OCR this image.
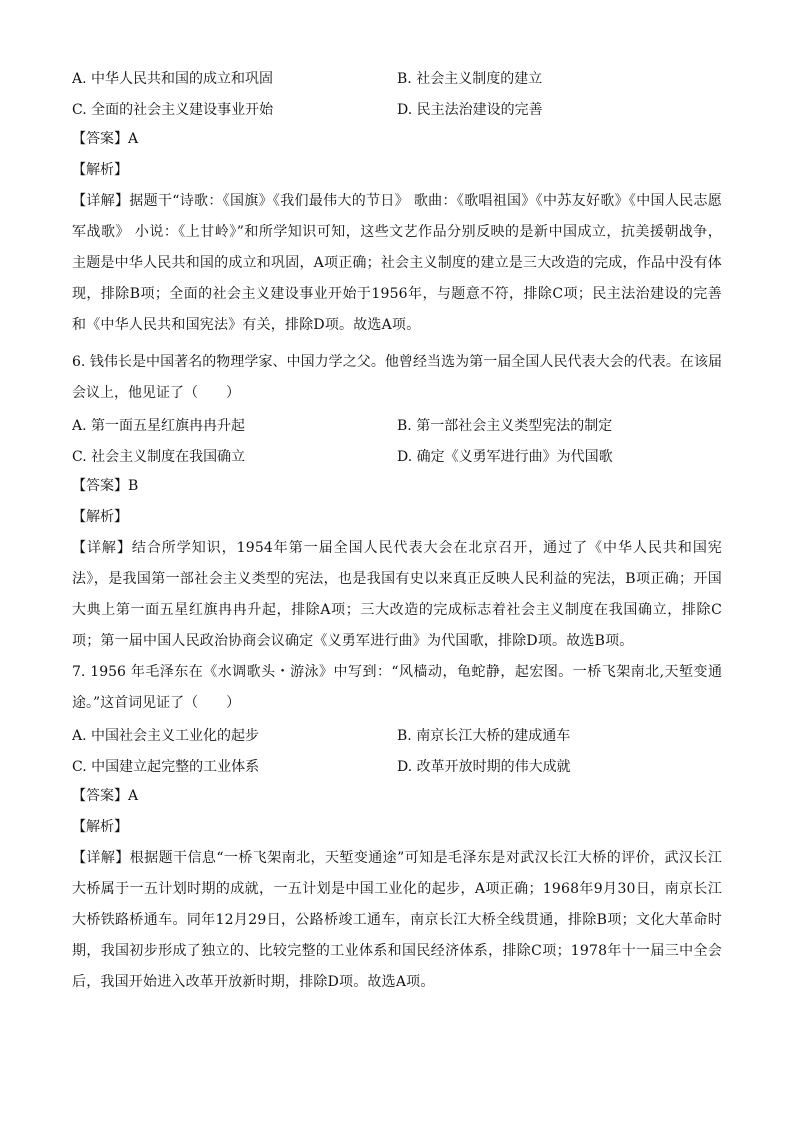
A. 中华人民共和国的成立和巩固	B. 社会主义制度的建立
C. 全面的社会主义建设事业开始	D. 民主法治建设的完善
【答案】A
【解析】
【详解】据题干“诗歌：《国旗》《我们最伟大的节日》 歌曲：《歌唱祖国》《中苏友好歌》《中国人民志愿军战歌》 小说：《上甘岭》”和所学知识可知，这些文艺作品分别反映的是新中国成立，抗美援朝战争，主题是中华人民共和国的成立和巩固，A项正确；社会主义制度的建立是三大改造的完成，作品中没有体现，排除B项；全面的社会主义建设事业开始于1956年，与题意不符，排除C项；民主法治建设的完善和《中华人民共和国宪法》有关，排除D项。故选A项。
6. 钱伟长是中国著名的物理学家、中国力学之父。他曾经当选为第一届全国人民代表大会的代表。在该届会议上，他见证了（　　）
A. 第一面五星红旗冉冉升起	B. 第一部社会主义类型宪法的制定
C. 社会主义制度在我国确立	D. 确定《义勇军进行曲》为代国歌
【答案】B
【解析】
【详解】结合所学知识，1954年第一届全国人民代表大会在北京召开，通过了《中华人民共和国宪法》，是我国第一部社会主义类型的宪法，也是我国有史以来真正反映人民利益的宪法，B项正确；开国大典上第一面五星红旗冉冉升起，排除A项；三大改造的完成标志着社会主义制度在我国确立，排除C项；第一届中国人民政治协商会议确定《义勇军进行曲》为代国歌，排除D项。故选B项。
7. 1956 年毛泽东在《水调歌头・游泳》中写到：“风樯动，龟蛇静，起宏图。一桥飞架南北,天堑变通途。”这首词见证了（　　）
A. 中国社会主义工业化的起步	B. 南京长江大桥的建成通车
C. 中国建立起完整的工业体系	D. 改革开放时期的伟大成就
【答案】A
【解析】
【详解】根据题干信息“一桥飞架南北，天堑变通途”可知是毛泽东是对武汉长江大桥的评价，武汉长江大桥属于一五计划时期的成就，一五计划是中国工业化的起步，A项正确；1968年9月30日，南京长江大桥铁路桥通车。同年12月29日，公路桥竣工通车，南京长江大桥全线贯通，排除B项；文化大革命时期，我国初步形成了独立的、比较完整的工业体系和国民经济体系，排除C项；1978年十一届三中全会后，我国开始进入改革开放新时期，排除D项。故选A项。
